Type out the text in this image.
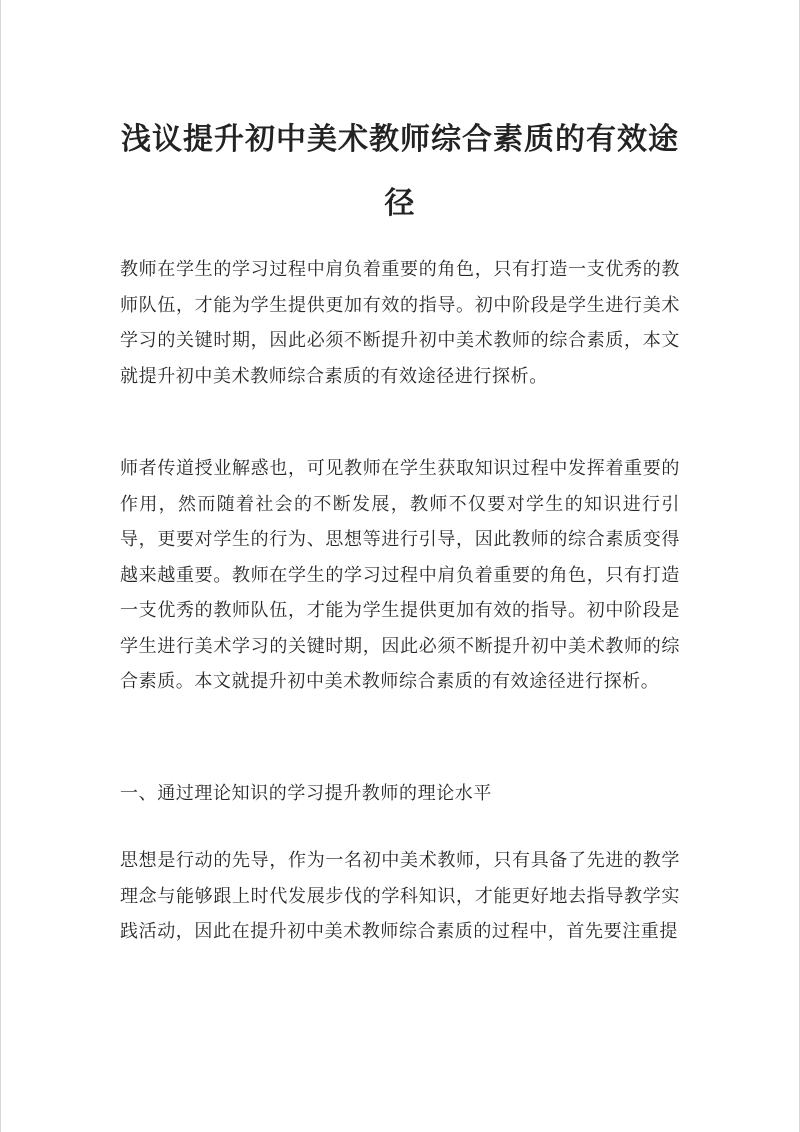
浅议提升初中美术教师综合素质的有效途径

教师在学生的学习过程中肩负着重要的角色，只有打造一支优秀的教师队伍，才能为学生提供更加有效的指导。初中阶段是学生进行美术学习的关键时期，因此必须不断提升初中美术教师的综合素质，本文就提升初中美术教师综合素质的有效途径进行探析。

师者传道授业解惑也，可见教师在学生获取知识过程中发挥着重要的作用，然而随着社会的不断发展，教师不仅要对学生的知识进行引导，更要对学生的行为、思想等进行引导，因此教师的综合素质变得越来越重要。教师在学生的学习过程中肩负着重要的角色，只有打造一支优秀的教师队伍，才能为学生提供更加有效的指导。初中阶段是学生进行美术学习的关键时期，因此必须不断提升初中美术教师的综合素质。本文就提升初中美术教师综合素质的有效途径进行探析。

一、通过理论知识的学习提升教师的理论水平

思想是行动的先导，作为一名初中美术教师，只有具备了先进的教学理念与能够跟上时代发展步伐的学科知识，才能更好地去指导教学实践活动，因此在提升初中美术教师综合素质的过程中，首先要注重提
